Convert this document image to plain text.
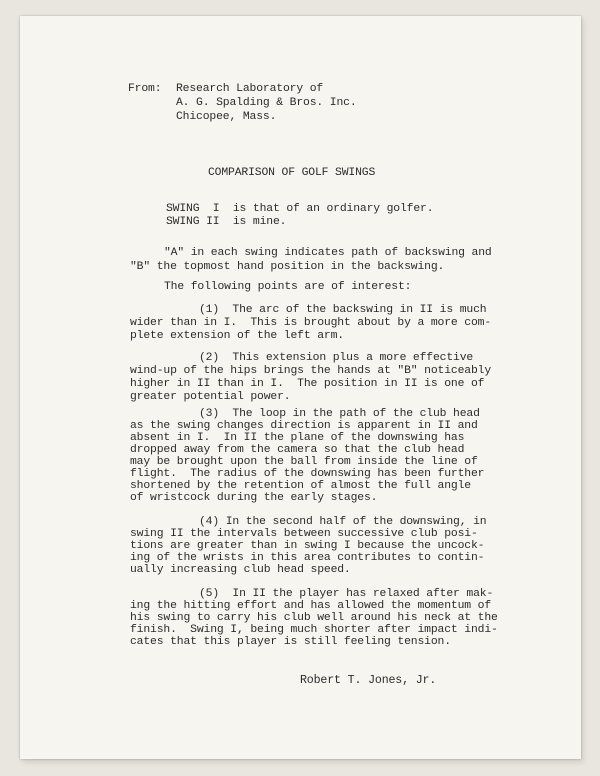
From: Research Laboratory of
A. G. Spalding & Bros. Inc.
Chicopee, Mass.
COMPARISON OF GOLF SWINGS
SWING  I  is that of an ordinary golfer.
SWING II  is mine.
"A" in each swing indicates path of backswing and
"B" the topmost hand position in the backswing.
The following points are of interest:
(1)  The arc of the backswing in II is much
wider than in I.  This is brought about by a more com-
plete extension of the left arm.
(2)  This extension plus a more effective
wind-up of the hips brings the hands at "B" noticeably
higher in II than in I.  The position in II is one of
greater potential power.
(3)  The loop in the path of the club head
as the swing changes direction is apparent in II and
absent in I.  In II the plane of the downswing has
dropped away from the camera so that the club head
may be brought upon the ball from inside the line of
flight.  The radius of the downswing has been further
shortened by the retention of almost the full angle
of wristcock during the early stages.
(4) In the second half of the downswing, in
swing II the intervals between successive club posi-
tions are greater than in swing I because the uncock-
ing of the wrists in this area contributes to contin-
ually increasing club head speed.
(5)  In II the player has relaxed after mak-
ing the hitting effort and has allowed the momentum of
his swing to carry his club well around his neck at the
finish.  Swing I, being much shorter after impact indi-
cates that this player is still feeling tension.
Robert T. Jones, Jr.
